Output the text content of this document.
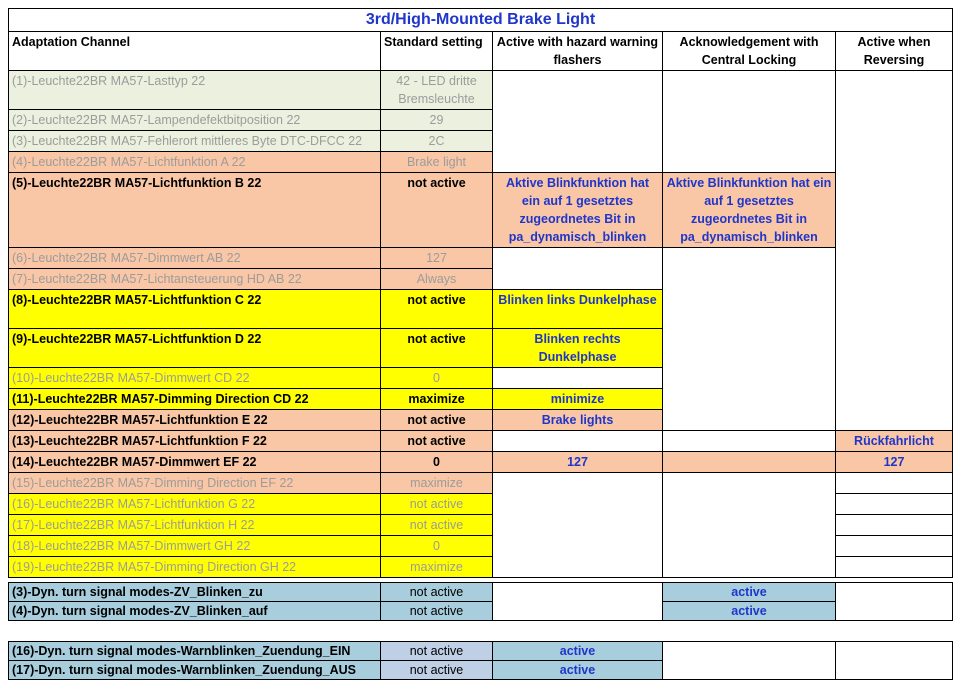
3rd/High-Mounted Brake Light				
Adaptation Channel	Standard setting	Active with hazard warning flashers	Acknowledgement with Central Locking	Active when Reversing
(1)-Leuchte22BR MA57-Lasttyp 22	42 - LED dritte Bremsleuchte			
(2)-Leuchte22BR MA57-Lampendefektbitposition 22	29			
(3)-Leuchte22BR MA57-Fehlerort mittleres Byte DTC-DFCC 22	2C			
(4)-Leuchte22BR MA57-Lichtfunktion A 22	Brake light			
(5)-Leuchte22BR MA57-Lichtfunktion B 22	not active	Aktive Blinkfunktion hat ein auf 1 gesetztes zugeordnetes Bit in pa_dynamisch_blinken	Aktive Blinkfunktion hat ein auf 1 gesetztes zugeordnetes Bit in pa_dynamisch_blinken	
(6)-Leuchte22BR MA57-Dimmwert AB 22	127			
(7)-Leuchte22BR MA57-Lichtansteuerung HD AB 22	Always			
(8)-Leuchte22BR MA57-Lichtfunktion C 22	not active	Blinken links Dunkelphase		
(9)-Leuchte22BR MA57-Lichtfunktion D 22	not active	Blinken rechts Dunkelphase		
(10)-Leuchte22BR MA57-Dimmwert CD 22	0			
(11)-Leuchte22BR MA57-Dimming Direction CD 22	maximize	minimize		
(12)-Leuchte22BR MA57-Lichtfunktion E 22	not active	Brake lights		
(13)-Leuchte22BR MA57-Lichtfunktion F 22	not active			Rückfahrlicht
(14)-Leuchte22BR MA57-Dimmwert EF 22	0	127		127
(15)-Leuchte22BR MA57-Dimming Direction EF 22	maximize			
(16)-Leuchte22BR MA57-Lichtfunktion G 22	not active			
(17)-Leuchte22BR MA57-Lichtfunktion H 22	not active			
(18)-Leuchte22BR MA57-Dimmwert GH 22	0			
(19)-Leuchte22BR MA57-Dimming Direction GH 22	maximize			
(3)-Dyn. turn signal modes-ZV_Blinken_zu	not active		active	
(4)-Dyn. turn signal modes-ZV_Blinken_auf	not active		active	
(16)-Dyn. turn signal modes-Warnblinken_Zuendung_EIN	not active	active		
(17)-Dyn. turn signal modes-Warnblinken_Zuendung_AUS	not active	active		
